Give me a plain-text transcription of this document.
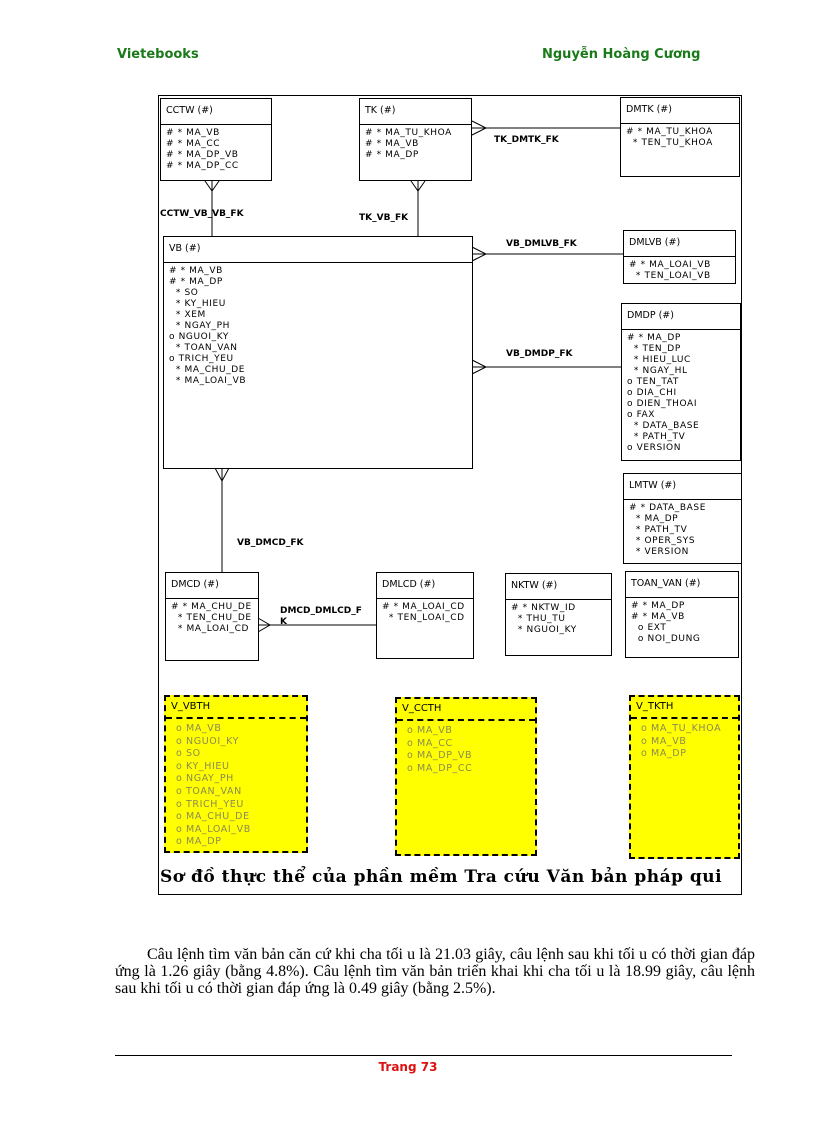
Vietebooks	Nguyễn Hoàng Cương
CCTW (#)
# * MA_VB
# * MA_CC
# * MA_DP_VB
# * MA_DP_CC
TK (#)
# * MA_TU_KHOA
# * MA_VB
# * MA_DP
DMTK (#)
# * MA_TU_KHOA
* TEN_TU_KHOA
VB (#)
# * MA_VB
# * MA_DP
* SO
* KY_HIEU
* XEM
* NGAY_PH
o NGUOI_KY
* TOAN_VAN
o TRICH_YEU
* MA_CHU_DE
* MA_LOAI_VB
DMLVB (#)
# * MA_LOAI_VB
* TEN_LOAI_VB
DMDP (#)
# * MA_DP
* TEN_DP
* HIEU_LUC
* NGAY_HL
o TEN_TAT
o DIA_CHI
o DIEN_THOAI
o FAX
* DATA_BASE
* PATH_TV
o VERSION
LMTW (#)
# * DATA_BASE
* MA_DP
* PATH_TV
* OPER_SYS
* VERSION
DMCD (#)
# * MA_CHU_DE
* TEN_CHU_DE
* MA_LOAI_CD
DMLCD (#)
# * MA_LOAI_CD
* TEN_LOAI_CD
NKTW (#)
# * NKTW_ID
* THU_TU
* NGUOI_KY
TOAN_VAN (#)
# * MA_DP
# * MA_VB
o EXT
o NOI_DUNG
V_VBTH
o MA_VB
o NGUOI_KY
o SO
o KY_HIEU
o NGAY_PH
o TOAN_VAN
o TRICH_YEU
o MA_CHU_DE
o MA_LOAI_VB
o MA_DP
V_CCTH
o MA_VB
o MA_CC
o MA_DP_VB
o MA_DP_CC
V_TKTH
o MA_TU_KHOA
o MA_VB
o MA_DP
CCTW_VB_VB_FK	TK_VB_FK
TK_DMTK_FK
VB_DMLVB_FK
VB_DMDP_FK
VB_DMCD_FK
DMCD_DMLCD_F
K
Sơ đồ thực thể của phần mềm Tra cứu Văn bản pháp qui

Câu lệnh tìm văn bản căn cứ khi cha tối u là 21.03 giây, câu lệnh sau khi tối u có thời gian đáp ứng là 1.26 giây (bằng 4.8%). Câu lệnh tìm văn bản triển khai khi cha tối u là 18.99 giây, câu lệnh sau khi tối u có thời gian đáp ứng là 0.49 giây (bằng 2.5%).

Trang 73
